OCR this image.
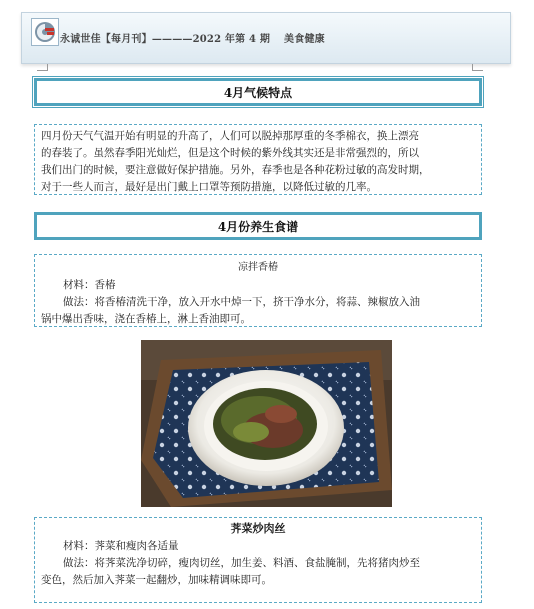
永诚世佳【每月刊】————2022 年第 4 期 美食健康
4月气候特点

四月份天气气温开始有明显的升高了，人们可以脱掉那厚重的冬季棉衣，换上漂亮

的春装了。虽然春季阳光灿烂，但是这个时候的紫外线其实还是非常强烈的，所以

我们出门的时候，要注意做好保护措施。另外，春季也是各种花粉过敏的高发时期，

对于一些人而言，最好是出门戴上口罩等预防措施，以降低过敏的几率。

4月份养生食谱
凉拌香椿

材料：香椿

做法：将香椿清洗干净，放入开水中焯一下，挤干净水分，将蒜、辣椒放入油

锅中爆出香味，浇在香椿上，淋上香油即可。

荠菜炒肉丝

材料：荠菜和瘦肉各适量

做法：将荠菜洗净切碎，瘦肉切丝，加生姜、料酒、食盐腌制，先将猪肉炒至

变色，然后加入荠菜一起翻炒，加味精调味即可。
